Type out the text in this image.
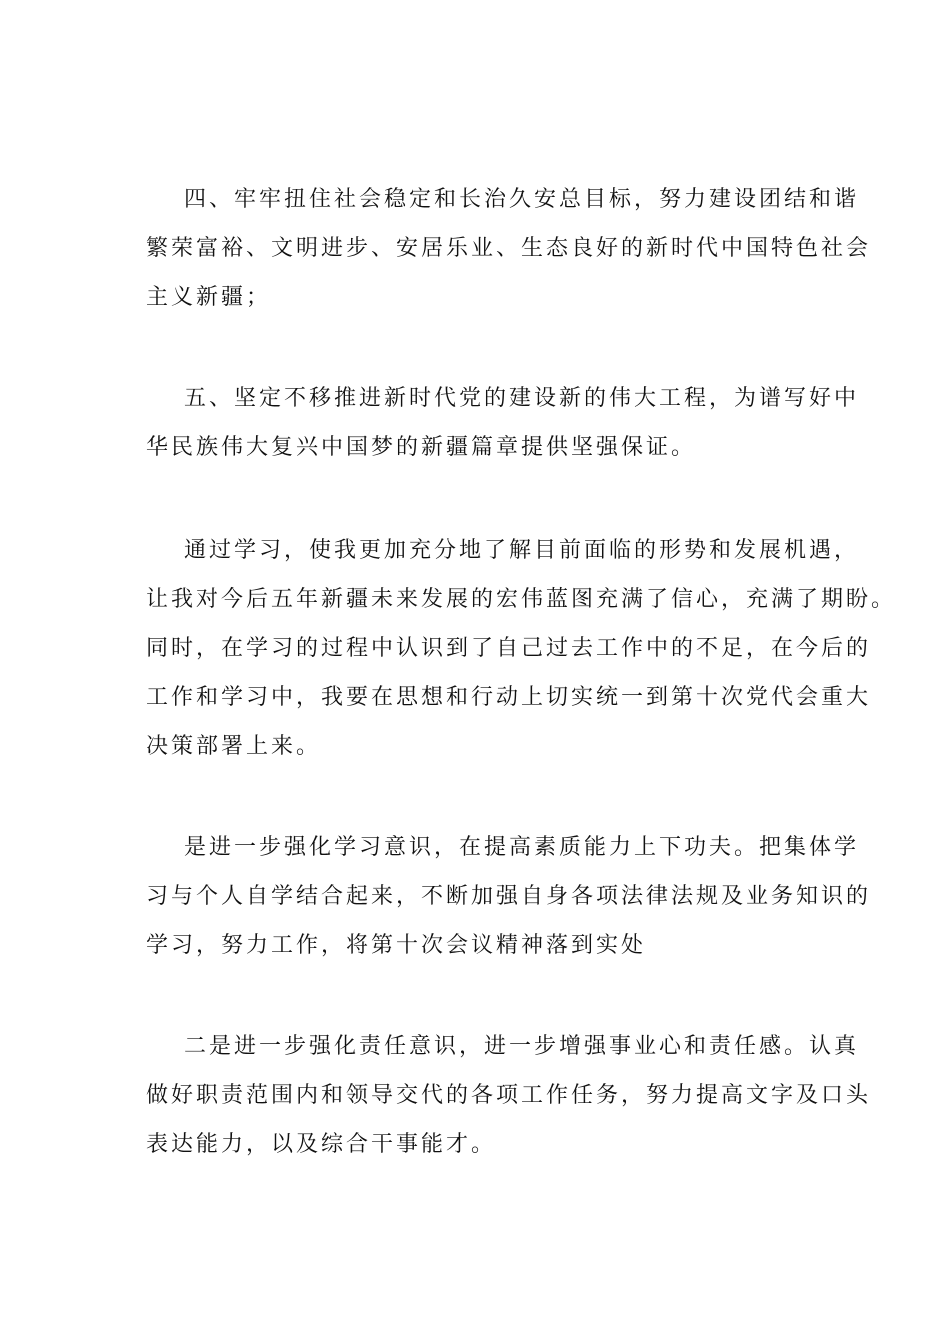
四、牢牢扭住社会稳定和长治久安总目标，努力建设团结和谐
繁荣富裕、文明进步、安居乐业、生态良好的新时代中国特色社会
主义新疆；
五、坚定不移推进新时代党的建设新的伟大工程，为谱写好中
华民族伟大复兴中国梦的新疆篇章提供坚强保证。
通过学习，使我更加充分地了解目前面临的形势和发展机遇，
让我对今后五年新疆未来发展的宏伟蓝图充满了信心，充满了期盼。
同时，在学习的过程中认识到了自己过去工作中的不足，在今后的
工作和学习中，我要在思想和行动上切实统一到第十次党代会重大
决策部署上来。
是进一步强化学习意识，在提高素质能力上下功夫。把集体学
习与个人自学结合起来，不断加强自身各项法律法规及业务知识的
学习，努力工作，将第十次会议精神落到实处
二是进一步强化责任意识，进一步增强事业心和责任感。认真
做好职责范围内和领导交代的各项工作任务，努力提高文字及口头
表达能力，以及综合干事能才。
